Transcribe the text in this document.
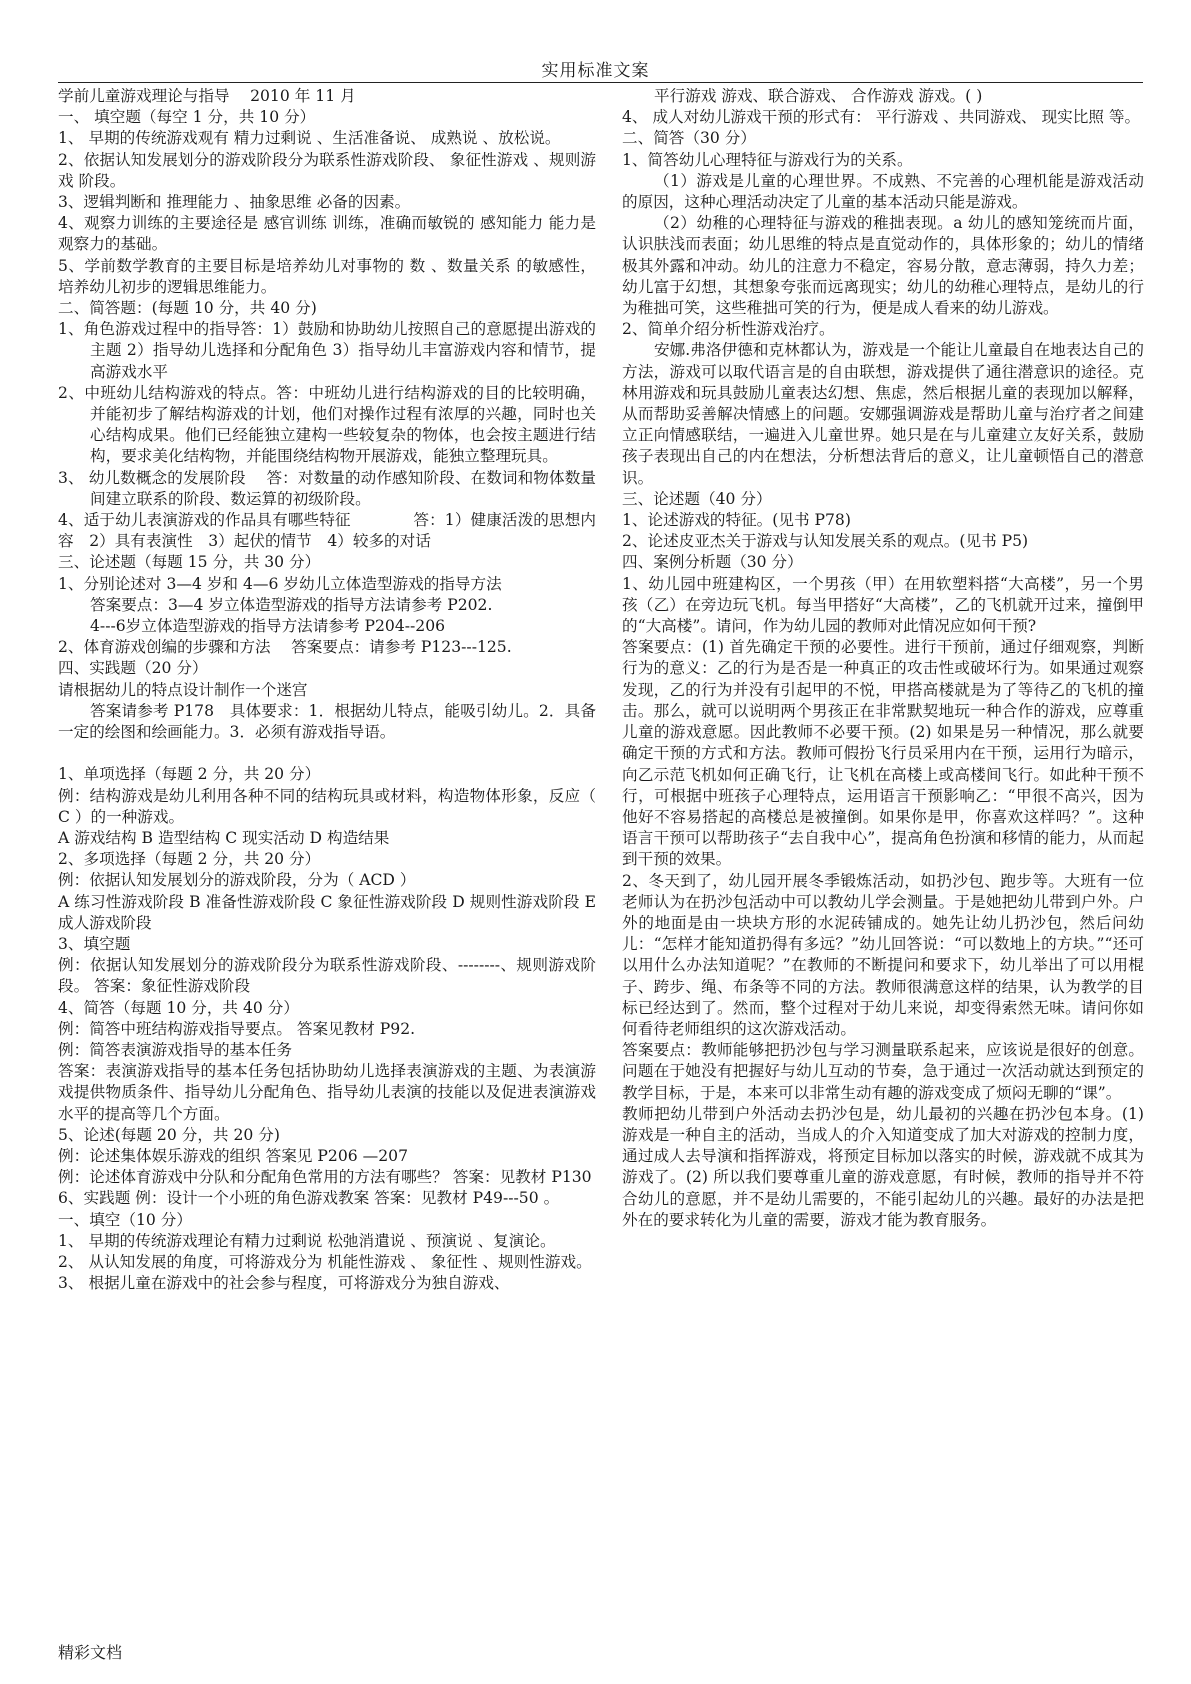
实用标准文案

学前儿童游戏理论与指导　 2010 年 11 月

一、 填空题（每空 1 分，共 10 分）

1、 早期的传统游戏观有 精力过剩说 、生活准备说、 成熟说 、放松说。

2、依据认知发展划分的游戏阶段分为联系性游戏阶段、 象征性游戏 、规则游戏 阶段。

3、逻辑判断和 推理能力 、抽象思维 必备的因素。

4、观察力训练的主要途径是 感官训练 训练，准确而敏锐的 感知能力 能力是观察力的基础。

5、学前数学教育的主要目标是培养幼儿对事物的 数 、数量关系 的敏感性，培养幼儿初步的逻辑思维能力。

二、简答题：(每题 10 分，共 40 分)

1、角色游戏过程中的指导答：1）鼓励和协助幼儿按照自己的意愿提出游戏的主题 2）指导幼儿选择和分配角色 3）指导幼儿丰富游戏内容和情节，提高游戏水平

2、中班幼儿结构游戏的特点。答：中班幼儿进行结构游戏的目的比较明确，并能初步了解结构游戏的计划，他们对操作过程有浓厚的兴趣，同时也关心结构成果。他们已经能独立建构一些较复杂的物体，也会按主题进行结构，要求美化结构物，并能围绕结构物开展游戏，能独立整理玩具。

3、 幼儿数概念的发展阶段　 答：对数量的动作感知阶段、在数词和物体数量间建立联系的阶段、数运算的初级阶段。

4、适于幼儿表演游戏的作品具有哪些特征　　　　答：1）健康活泼的思想内容　2）具有表演性　3）起伏的情节　4）较多的对话

三、论述题（每题 15 分，共 30 分）

1、分别论述对 3—4 岁和 4—6 岁幼儿立体造型游戏的指导方法

答案要点：3—4 岁立体造型游戏的指导方法请参考 P202.

4---6岁立体造型游戏的指导方法请参考 P204--206

2、体育游戏创编的步骤和方法　 答案要点：请参考 P123---125.

四、实践题（20 分）

请根据幼儿的特点设计制作一个迷宫

答案请参考 P178　具体要求：1．根据幼儿特点，能吸引幼儿。2．具备一定的绘图和绘画能力。3．必须有游戏指导语。

1、单项选择（每题 2 分，共 20 分）

例：结构游戏是幼儿利用各种不同的结构玩具或材料，构造物体形象，反应（ C ）的一种游戏。

A 游戏结构 B 造型结构 C 现实活动 D 构造结果

2、多项选择（每题 2 分，共 20 分）

例：依据认知发展划分的游戏阶段，分为（ ACD ）

A 练习性游戏阶段 B 准备性游戏阶段 C 象征性游戏阶段 D 规则性游戏阶段 E 成人游戏阶段

3、填空题

例：依据认知发展划分的游戏阶段分为联系性游戏阶段、--------、规则游戏阶段。 答案：象征性游戏阶段

4、简答（每题 10 分，共 40 分）

例：简答中班结构游戏指导要点。 答案见教材 P92.

例：简答表演游戏指导的基本任务

答案：表演游戏指导的基本任务包括协助幼儿选择表演游戏的主题、为表演游戏提供物质条件、指导幼儿分配角色、指导幼儿表演的技能以及促进表演游戏水平的提高等几个方面。

5、论述(每题 20 分，共 20 分)

例：论述集体娱乐游戏的组织 答案见 P206 —207

例：论述体育游戏中分队和分配角色常用的方法有哪些？ 答案：见教材 P130

6、实践题 例：设计一个小班的角色游戏教案 答案：见教材 P49---50 。

一、填空（10 分）

1、 早期的传统游戏理论有精力过剩说 松弛消遣说 、预演说 、复演论。

2、 从认知发展的角度，可将游戏分为 机能性游戏 、 象征性 、规则性游戏。

3、 根据儿童在游戏中的社会参与程度，可将游戏分为独自游戏、

平行游戏 游戏、联合游戏、 合作游戏 游戏。( )

4、 成人对幼儿游戏干预的形式有： 平行游戏 、共同游戏、 现实比照 等。

二、简答（30 分）

1、简答幼儿心理特征与游戏行为的关系。

（1）游戏是儿童的心理世界。不成熟、不完善的心理机能是游戏活动的原因，这种心理活动决定了儿童的基本活动只能是游戏。

（2）幼稚的心理特征与游戏的稚拙表现。a 幼儿的感知笼统而片面，认识肤浅而表面；幼儿思维的特点是直觉动作的，具体形象的；幼儿的情绪极其外露和冲动。幼儿的注意力不稳定，容易分散，意志薄弱，持久力差；幼儿富于幻想，其想象夸张而远离现实；幼儿的幼稚心理特点，是幼儿的行为稚拙可笑，这些稚拙可笑的行为，便是成人看来的幼儿游戏。

2、简单介绍分析性游戏治疗。

安娜.弗洛伊德和克林都认为，游戏是一个能让儿童最自在地表达自己的方法，游戏可以取代语言是的自由联想，游戏提供了通往潜意识的途径。克林用游戏和玩具鼓励儿童表达幻想、焦虑，然后根据儿童的表现加以解释，从而帮助妥善解决情感上的问题。安娜强调游戏是帮助儿童与治疗者之间建立正向情感联结，一遍进入儿童世界。她只是在与儿童建立友好关系，鼓励孩子表现出自己的内在想法，分析想法背后的意义，让儿童顿悟自己的潜意识。

三、论述题（40 分）

1、论述游戏的特征。(见书 P78)

2、论述皮亚杰关于游戏与认知发展关系的观点。(见书 P5)

四、案例分析题（30 分）

1、幼儿园中班建构区，一个男孩（甲）在用软塑料搭“大高楼”，另一个男孩（乙）在旁边玩飞机。每当甲搭好“大高楼”，乙的飞机就开过来，撞倒甲的“大高楼”。请问，作为幼儿园的教师对此情况应如何干预?

答案要点：(1) 首先确定干预的必要性。进行干预前，通过仔细观察，判断行为的意义：乙的行为是否是一种真正的攻击性或破坏行为。如果通过观察发现，乙的行为并没有引起甲的不悦，甲搭高楼就是为了等待乙的飞机的撞击。那么，就可以说明两个男孩正在非常默契地玩一种合作的游戏，应尊重儿童的游戏意愿。因此教师不必要干预。(2) 如果是另一种情况，那么就要确定干预的方式和方法。教师可假扮飞行员采用内在干预，运用行为暗示，向乙示范飞机如何正确飞行，让飞机在高楼上或高楼间飞行。如此种干预不行，可根据中班孩子心理特点，运用语言干预影响乙：“甲很不高兴，因为他好不容易搭起的高楼总是被撞倒。如果你是甲，你喜欢这样吗？”。这种语言干预可以帮助孩子“去自我中心”，提高角色扮演和移情的能力，从而起到干预的效果。

2、冬天到了，幼儿园开展冬季锻炼活动，如扔沙包、跑步等。大班有一位老师认为在扔沙包活动中可以教幼儿学会测量。于是她把幼儿带到户外。户外的地面是由一块块方形的水泥砖铺成的。她先让幼儿扔沙包，然后问幼儿：“怎样才能知道扔得有多远？”幼儿回答说：“可以数地上的方块。”“还可以用什么办法知道呢？”在教师的不断提问和要求下，幼儿举出了可以用棍子、跨步、绳、布条等不同的方法。教师很满意这样的结果，认为教学的目标已经达到了。然而，整个过程对于幼儿来说，却变得索然无味。请问你如何看待老师组织的这次游戏活动。

答案要点：教师能够把扔沙包与学习测量联系起来，应该说是很好的创意。问题在于她没有把握好与幼儿互动的节奏，急于通过一次活动就达到预定的教学目标，于是，本来可以非常生动有趣的游戏变成了烦闷无聊的“课”。

教师把幼儿带到户外活动去扔沙包是，幼儿最初的兴趣在扔沙包本身。(1) 游戏是一种自主的活动，当成人的介入知道变成了加大对游戏的控制力度，通过成人去导演和指挥游戏，将预定目标加以落实的时候，游戏就不成其为游戏了。(2) 所以我们要尊重儿童的游戏意愿，有时候，教师的指导并不符合幼儿的意愿，并不是幼儿需要的，不能引起幼儿的兴趣。最好的办法是把外在的要求转化为儿童的需要，游戏才能为教育服务。

精彩文档
